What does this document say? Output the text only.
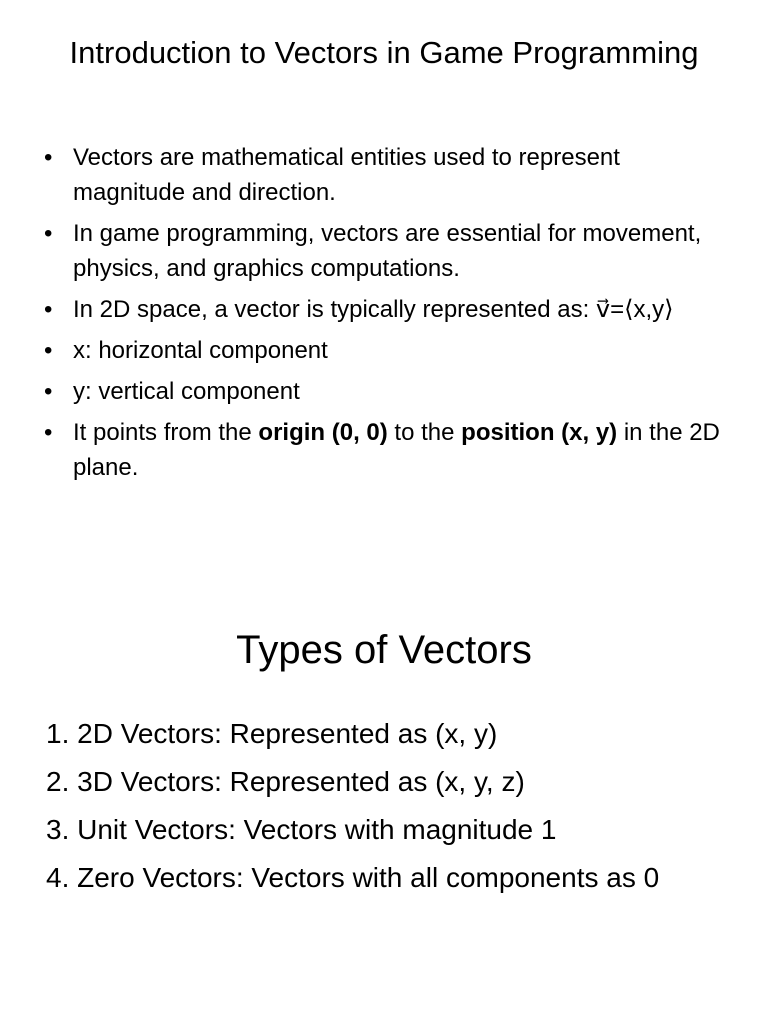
Introduction to Vectors in Game Programming
• Vectors are mathematical entities used to represent magnitude and direction.
• In game programming, vectors are essential for movement, physics, and graphics computations.
• In 2D space, a vector is typically represented as: v⃗=⟨x,y⟩
• x: horizontal component
• y: vertical component
• It points from the origin (0, 0) to the position (x, y) in the 2D plane.
Types of Vectors
1. 2D Vectors: Represented as (x, y)
2. 3D Vectors: Represented as (x, y, z)
3. Unit Vectors: Vectors with magnitude 1
4. Zero Vectors: Vectors with all components as 0
